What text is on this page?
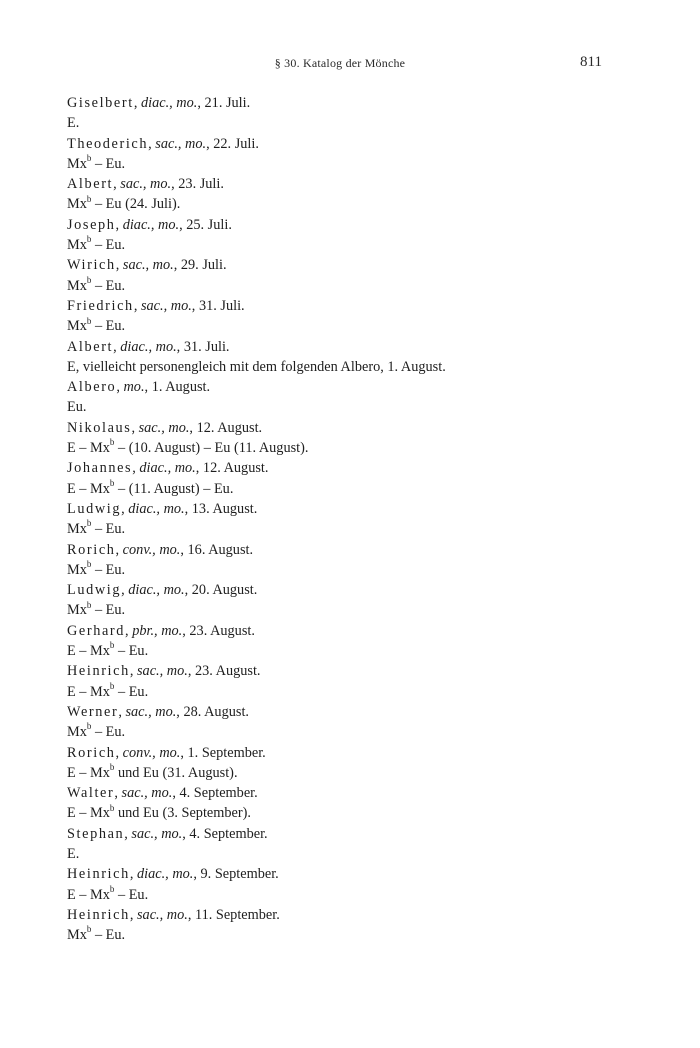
§ 30. Katalog der Mönche	811
Giselbert, diac., mo., 21. Juli.
E.
Theoderich, sac., mo., 22. Juli.
Mx$^b$ – Eu.
Albert, sac., mo., 23. Juli.
Mx$^b$ – Eu (24. Juli).
Joseph, diac., mo., 25. Juli.
Mx$^b$ – Eu.
Wirich, sac., mo., 29. Juli.
Mx$^b$ – Eu.
Friedrich, sac., mo., 31. Juli.
Mx$^b$ – Eu.
Albert, diac., mo., 31. Juli.
E, vielleicht personengleich mit dem folgenden Albero, 1. August.
Albero, mo., 1. August.
Eu.
Nikolaus, sac., mo., 12. August.
E – Mx$^b$ – (10. August) – Eu (11. August).
Johannes, diac., mo., 12. August.
E – Mx$^b$ – (11. August) – Eu.
Ludwig, diac., mo., 13. August.
Mx$^b$ – Eu.
Rorich, conv., mo., 16. August.
Mx$^b$ – Eu.
Ludwig, diac., mo., 20. August.
Mx$^b$ – Eu.
Gerhard, pbr., mo., 23. August.
E – Mx$^b$ – Eu.
Heinrich, sac., mo., 23. August.
E – Mx$^b$ – Eu.
Werner, sac., mo., 28. August.
Mx$^b$ – Eu.
Rorich, conv., mo., 1. September.
E – Mx$^b$ und Eu (31. August).
Walter, sac., mo., 4. September.
E – Mx$^b$ und Eu (3. September).
Stephan, sac., mo., 4. September.
E.
Heinrich, diac., mo., 9. September.
E – Mx$^b$ – Eu.
Heinrich, sac., mo., 11. September.
Mx$^b$ – Eu.
